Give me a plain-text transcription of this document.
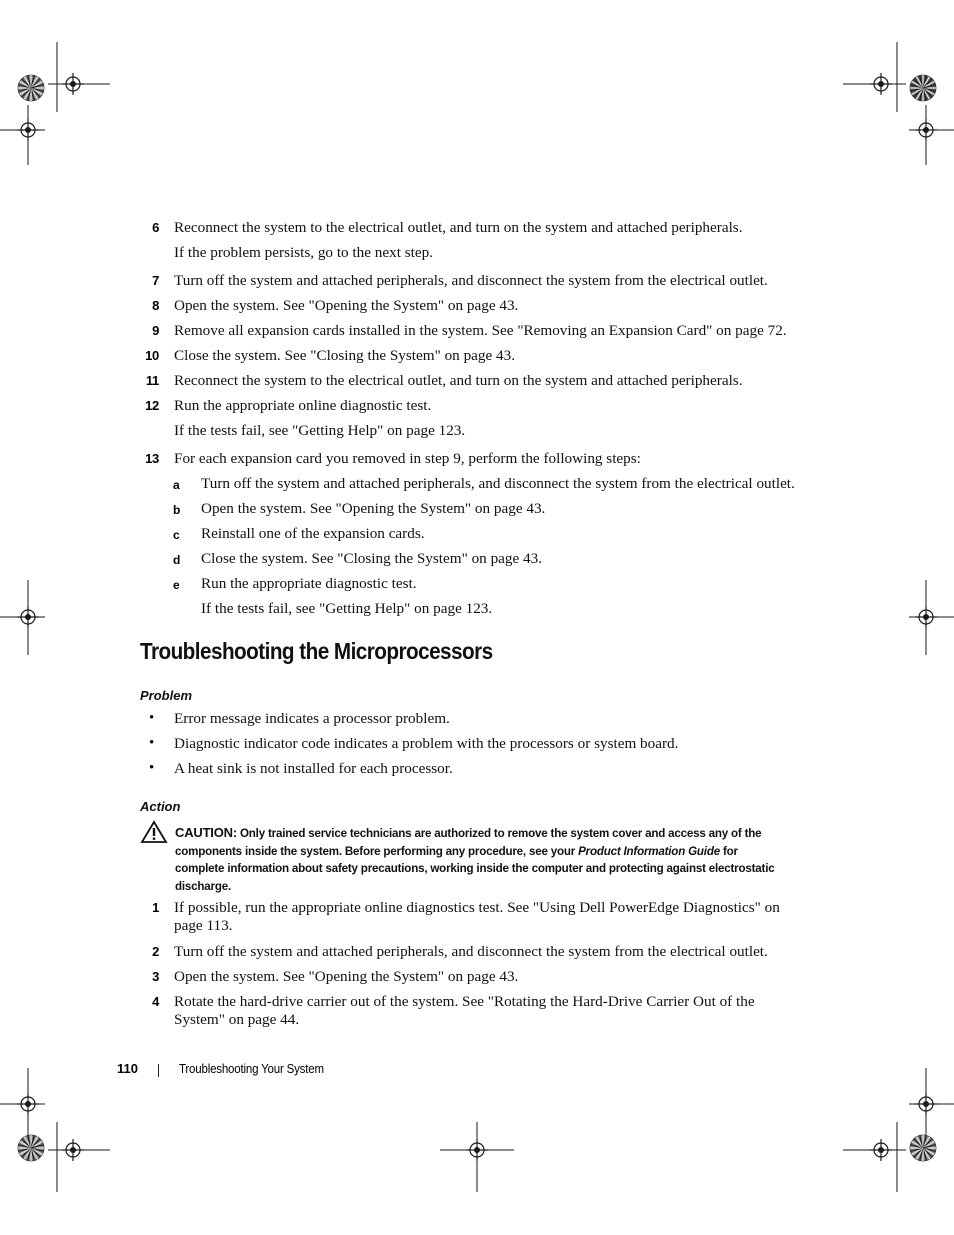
6 Reconnect the system to the electrical outlet, and turn on the system and attached peripherals.
If the problem persists, go to the next step.
7 Turn off the system and attached peripherals, and disconnect the system from the electrical outlet.
8 Open the system. See "Opening the System" on page 43.
9 Remove all expansion cards installed in the system. See "Removing an Expansion Card" on page 72.
10 Close the system. See "Closing the System" on page 43.
11 Reconnect the system to the electrical outlet, and turn on the system and attached peripherals.
12 Run the appropriate online diagnostic test.
If the tests fail, see "Getting Help" on page 123.
13 For each expansion card you removed in step 9, perform the following steps:
a Turn off the system and attached peripherals, and disconnect the system from the electrical outlet.
b Open the system. See "Opening the System" on page 43.
c Reinstall one of the expansion cards.
d Close the system. See "Closing the System" on page 43.
e Run the appropriate diagnostic test.
If the tests fail, see "Getting Help" on page 123.
Troubleshooting the Microprocessors
Problem
• Error message indicates a processor problem.
• Diagnostic indicator code indicates a problem with the processors or system board.
• A heat sink is not installed for each processor.
Action
CAUTION: Only trained service technicians are authorized to remove the system cover and access any of the
components inside the system. Before performing any procedure, see your Product Information Guide for
complete information about safety precautions, working inside the computer and protecting against electrostatic
discharge.
1 If possible, run the appropriate online diagnostics test. See "Using Dell PowerEdge Diagnostics" on
page 113.
2 Turn off the system and attached peripherals, and disconnect the system from the electrical outlet.
3 Open the system. See "Opening the System" on page 43.
4 Rotate the hard-drive carrier out of the system. See "Rotating the Hard-Drive Carrier Out of the
System" on page 44.
110	Troubleshooting Your System
